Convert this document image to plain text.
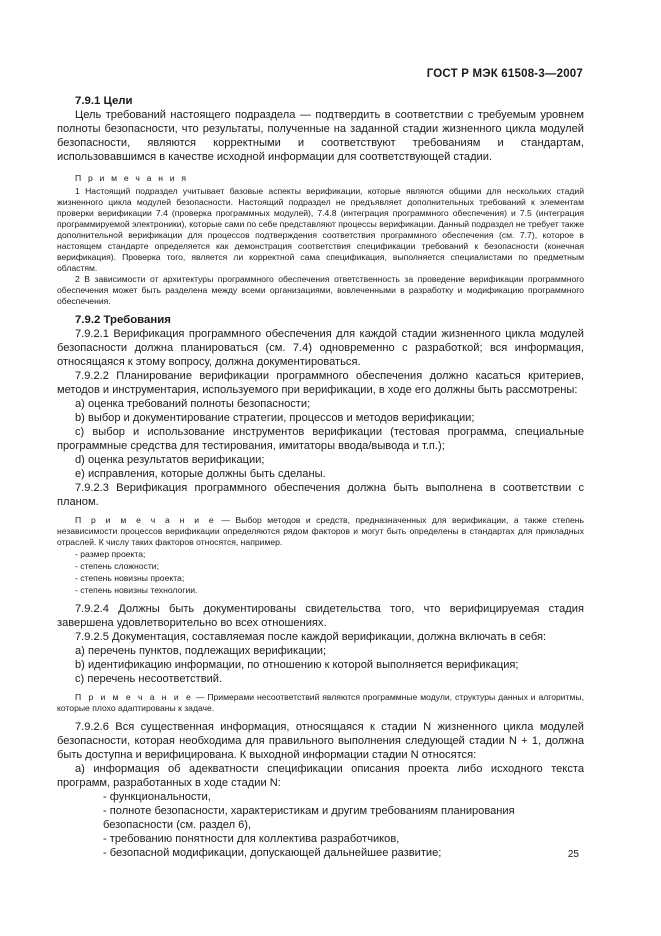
ГОСТ Р МЭК 61508-3—2007

7.9.1 Цели

Цель требований настоящего подраздела — подтвердить в соответствии с требуемым уровнем полноты безопасности, что результаты, полученные на заданной стадии жизненного цикла модулей безопасности, являются корректными и соответствуют требованиям и стандартам, использовавшимся в качестве исходной информации для соответствующей стадии.

П р и м е ч а н и я

1 Настоящий подраздел учитывает базовые аспекты верификации, которые являются общими для нескольких стадий жизненного цикла модулей безопасности. Настоящий подраздел не предъявляет дополнительных требований к элементам проверки верификации 7.4 (проверка программных модулей), 7.4.8 (интеграция программного обеспечения) и 7.5 (интеграция программируемой электроники), которые сами по себе представляют процессы верификации. Данный подраздел не требует также дополнительной верификации для процессов подтверждения соответствия программного обеспечения (см. 7.7), которое в настоящем стандарте определяется как демонстрация соответствия спецификации требований к безопасности (конечная верификация). Проверка того, является ли корректной сама спецификация, выполняется специалистами по предметным областям.

2 В зависимости от архитектуры программного обеспечения ответственность за проведение верификации программного обеспечения может быть разделена между всеми организациями, вовлеченными в разработку и модификацию программного обеспечения.

7.9.2 Требования

7.9.2.1 Верификация программного обеспечения для каждой стадии жизненного цикла модулей безопасности должна планироваться (см. 7.4) одновременно с разработкой; вся информация, относящаяся к этому вопросу, должна документироваться.

7.9.2.2 Планирование верификации программного обеспечения должно касаться критериев, методов и инструментария, используемого при верификации, в ходе его должны быть рассмотрены:

а) оценка требований полноты безопасности;

b) выбор и документирование стратегии, процессов и методов верификации;

с) выбор и использование инструментов верификации (тестовая программа, специальные программные средства для тестирования, имитаторы ввода/вывода и т.п.);

d) оценка результатов верификации;

е) исправления, которые должны быть сделаны.

7.9.2.3 Верификация программного обеспечения должна быть выполнена в соответствии с планом.

П р и м е ч а н и е — Выбор методов и средств, предназначенных для верификации, а также степень независимости процессов верификации определяются рядом факторов и могут быть определены в стандартах для прикладных отраслей. К числу таких факторов относятся, например.

- размер проекта;

- степень сложности;

- степень новизны проекта;

- степень новизны технологии.

7.9.2.4 Должны быть документированы свидетельства того, что верифицируемая стадия завершена удовлетворительно во всех отношениях.

7.9.2.5 Документация, составляемая после каждой верификации, должна включать в себя:

а) перечень пунктов, подлежащих верификации;

b) идентификацию информации, по отношению к которой выполняется верификация;

с) перечень несоответствий.

П р и м е ч а н и е — Примерами несоответствий являются программные модули, структуры данных и алгоритмы, которые плохо адаптированы к задаче.

7.9.2.6 Вся существенная информация, относящаяся к стадии N жизненного цикла модулей безопасности, которая необходима для правильного выполнения следующей стадии N + 1, должна быть доступна и верифицирована. К выходной информации стадии N относятся:

а) информация об адекватности спецификации описания проекта либо исходного текста программ, разработанных в ходе стадии N:

- функциональности,

- полноте безопасности, характеристикам и другим требованиям планирования безопасности (см. раздел 6),

- требованию понятности для коллектива разработчиков,

- безопасной модификации, допускающей дальнейшее развитие;	25
